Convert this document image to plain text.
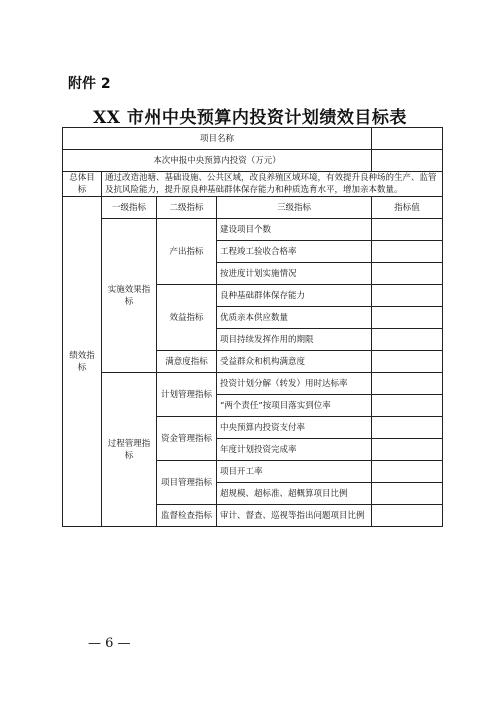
附件 2
XX 市州中央预算内投资计划绩效目标表
项目名称				
本次申报中央预算内投资（万元）				
总体目标	通过改造池塘、基础设施、公共区域，改良养殖区域环境，有效提升良种场的生产、监管及抗风险能力，提升原良种基础群体保存能力和种质选育水平，增加亲本数量。			
绩效指标	一级指标	二级指标	三级指标	指标值
	实施效果指标	产出指标	建设项目个数	
			工程竣工验收合格率	
			按进度计划实施情况	
		效益指标	良种基础群体保存能力	
			优质亲本供应数量	
			项目持续发挥作用的期限	
		满意度指标	受益群众和机构满意度	
	过程管理指标	计划管理指标	投资计划分解（转发）用时达标率	
			“两个责任”按项目落实到位率	
		资金管理指标	中央预算内投资支付率	
			年度计划投资完成率	
		项目管理指标	项目开工率	
			超规模、超标准、超概算项目比例	
		监督检查指标	审计、督查、巡视等指出问题项目比例	
— 6 —
